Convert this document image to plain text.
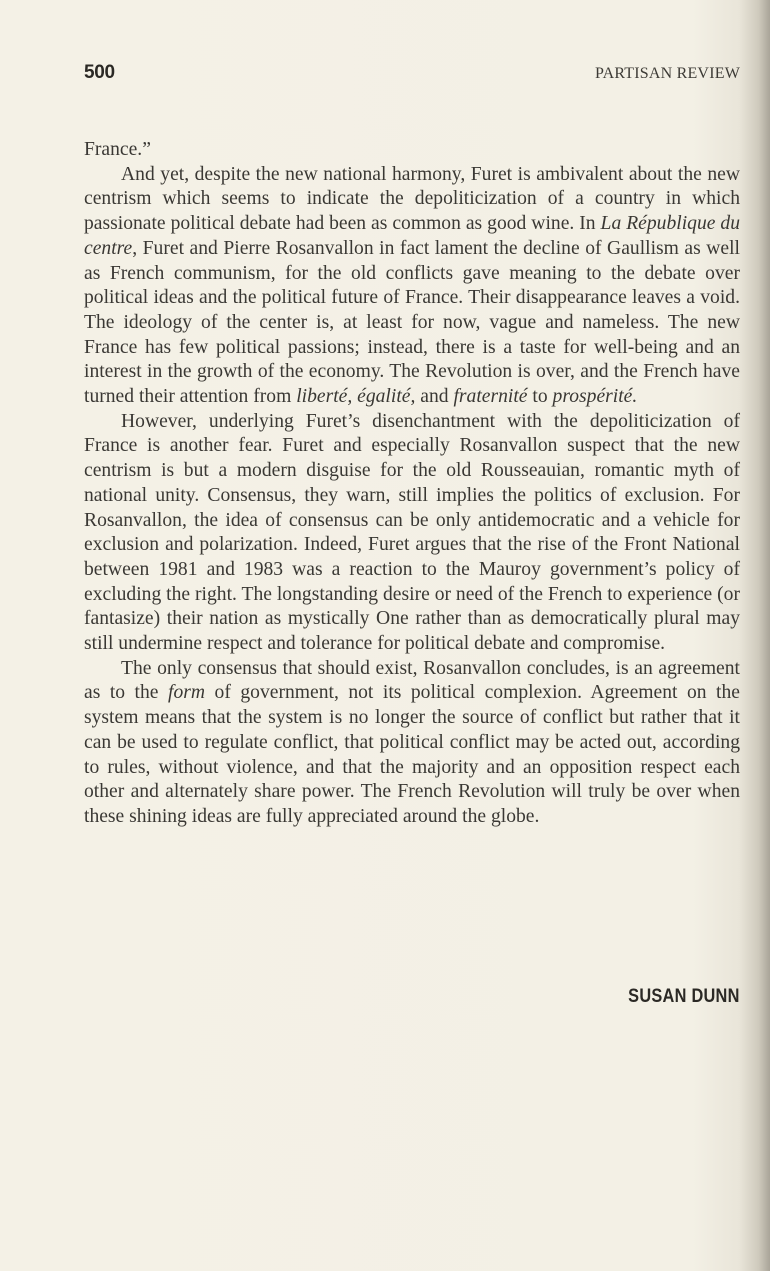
500	PARTISAN REVIEW

France.”

And yet, despite the new national harmony, Furet is ambivalent about the new centrism which seems to indicate the depoliticization of a country in which passionate political debate had been as common as good wine. In La République du centre, Furet and Pierre Rosanvallon in fact lament the decline of Gaullism as well as French communism, for the old conflicts gave meaning to the debate over political ideas and the political future of France. Their disappearance leaves a void. The ideology of the center is, at least for now, vague and nameless. The new France has few political passions; instead, there is a taste for well-being and an interest in the growth of the economy. The Revolution is over, and the French have turned their attention from liberté, égalité, and fraternité to prospérité.

However, underlying Furet’s disenchantment with the depoliticization of France is another fear. Furet and especially Rosanvallon suspect that the new centrism is but a modern disguise for the old Rousseauian, romantic myth of national unity. Consensus, they warn, still implies the politics of exclusion. For Rosanvallon, the idea of consensus can be only antidemocratic and a vehicle for exclusion and polarization. Indeed, Furet argues that the rise of the Front National between 1981 and 1983 was a reaction to the Mauroy government’s policy of excluding the right. The longstanding desire or need of the French to experience (or fantasize) their nation as mystically One rather than as democratically plural may still undermine respect and tolerance for political debate and compromise.

The only consensus that should exist, Rosanvallon concludes, is an agreement as to the form of government, not its political complexion. Agreement on the system means that the system is no longer the source of conflict but rather that it can be used to regulate conflict, that political conflict may be acted out, according to rules, without violence, and that the majority and an opposition respect each other and alternately share power. The French Revolution will truly be over when these shining ideas are fully appreciated around the globe.

SUSAN DUNN
